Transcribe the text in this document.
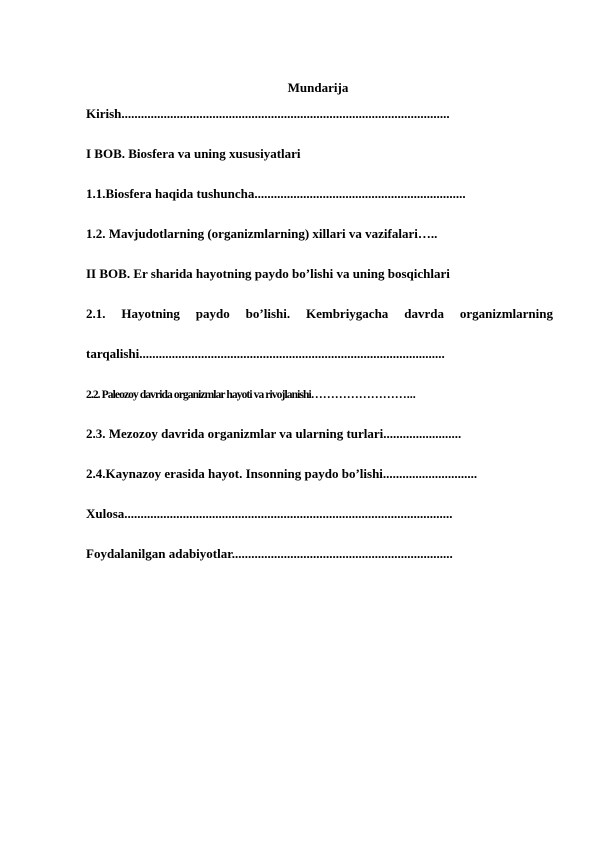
Mundarija
Kirish.....................................................................................................
I BOB. Biosfera va uning xususiyatlari
1.1.Biosfera haqida tushuncha.................................................................
1.2. Mavjudotlarning (organizmlarning) xillari va vazifalari…..
II BOB. Er sharida hayotning paydo bo’lishi va uning bosqichlari
2.1. Hayotning paydo bo’lishi. Kembriygacha davrda organizmlarning
tarqalishi..............................................................................................
2.2. Paleozoy davrida organizmlar hayoti va rivojlanishi……………………...
2.3. Mezozoy davrida organizmlar va ularning turlari........................
2.4.Kaynazoy erasida hayot. Insonning paydo bo’lishi.............................
Xulosa.....................................................................................................
Foydalanilgan adabiyotlar....................................................................
